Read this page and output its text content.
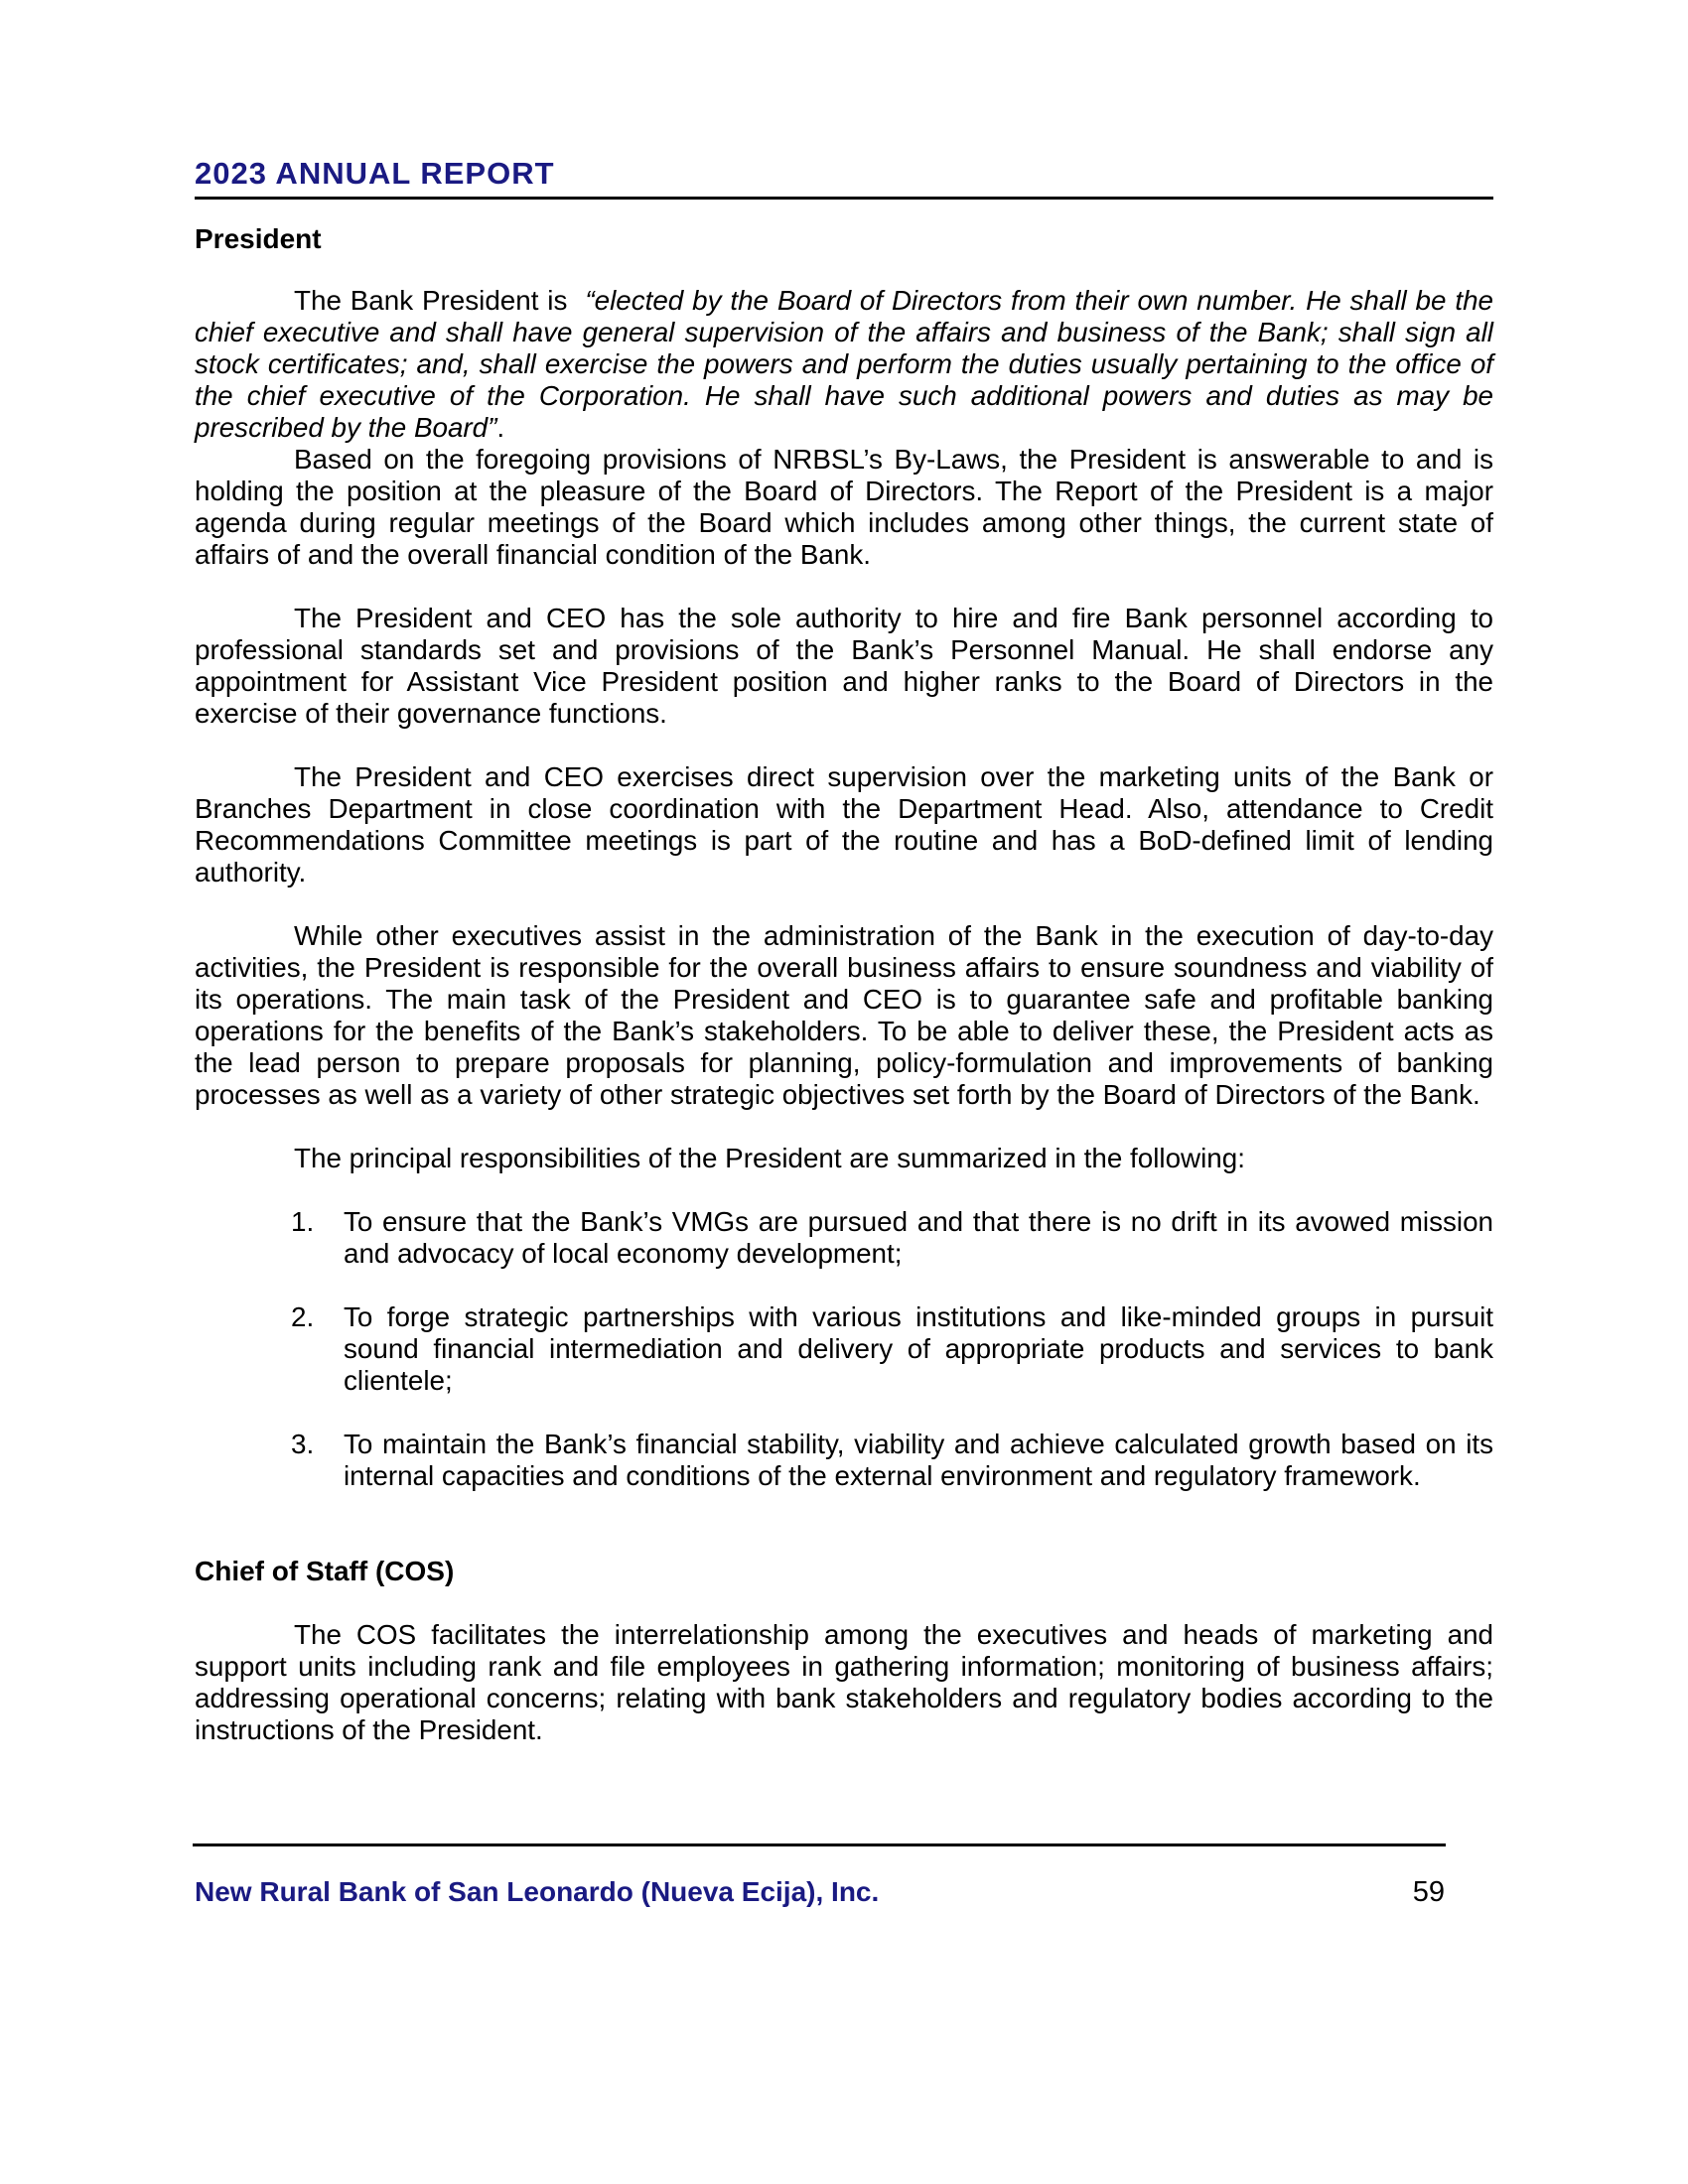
2023 ANNUAL REPORT
President

The Bank President is “elected by the Board of Directors from their own number. He shall be the chief executive and shall have general supervision of the affairs and business of the Bank; shall sign all stock certificates; and, shall exercise the powers and perform the duties usually pertaining to the office of the chief executive of the Corporation. He shall have such additional powers and duties as may be prescribed by the Board”.

Based on the foregoing provisions of NRBSL’s By-Laws, the President is answerable to and is holding the position at the pleasure of the Board of Directors. The Report of the President is a major agenda during regular meetings of the Board which includes among other things, the current state of affairs of and the overall financial condition of the Bank.

The President and CEO has the sole authority to hire and fire Bank personnel according to professional standards set and provisions of the Bank’s Personnel Manual. He shall endorse any appointment for Assistant Vice President position and higher ranks to the Board of Directors in the exercise of their governance functions.

The President and CEO exercises direct supervision over the marketing units of the Bank or Branches Department in close coordination with the Department Head. Also, attendance to Credit Recommendations Committee meetings is part of the routine and has a BoD-defined limit of lending authority.

While other executives assist in the administration of the Bank in the execution of day-to-day activities, the President is responsible for the overall business affairs to ensure soundness and viability of its operations. The main task of the President and CEO is to guarantee safe and profitable banking operations for the benefits of the Bank’s stakeholders. To be able to deliver these, the President acts as the lead person to prepare proposals for planning, policy-formulation and improvements of banking processes as well as a variety of other strategic objectives set forth by the Board of Directors of the Bank.

The principal responsibilities of the President are summarized in the following:

1. To ensure that the Bank’s VMGs are pursued and that there is no drift in its avowed mission and advocacy of local economy development;
2. To forge strategic partnerships with various institutions and like-minded groups in pursuit sound financial intermediation and delivery of appropriate products and services to bank clientele;
3. To maintain the Bank’s financial stability, viability and achieve calculated growth based on its internal capacities and conditions of the external environment and regulatory framework.
Chief of Staff (COS)

The COS facilitates the interrelationship among the executives and heads of marketing and support units including rank and file employees in gathering information; monitoring of business affairs; addressing operational concerns; relating with bank stakeholders and regulatory bodies according to the instructions of the President.

New Rural Bank of San Leonardo (Nueva Ecija), Inc.	59
